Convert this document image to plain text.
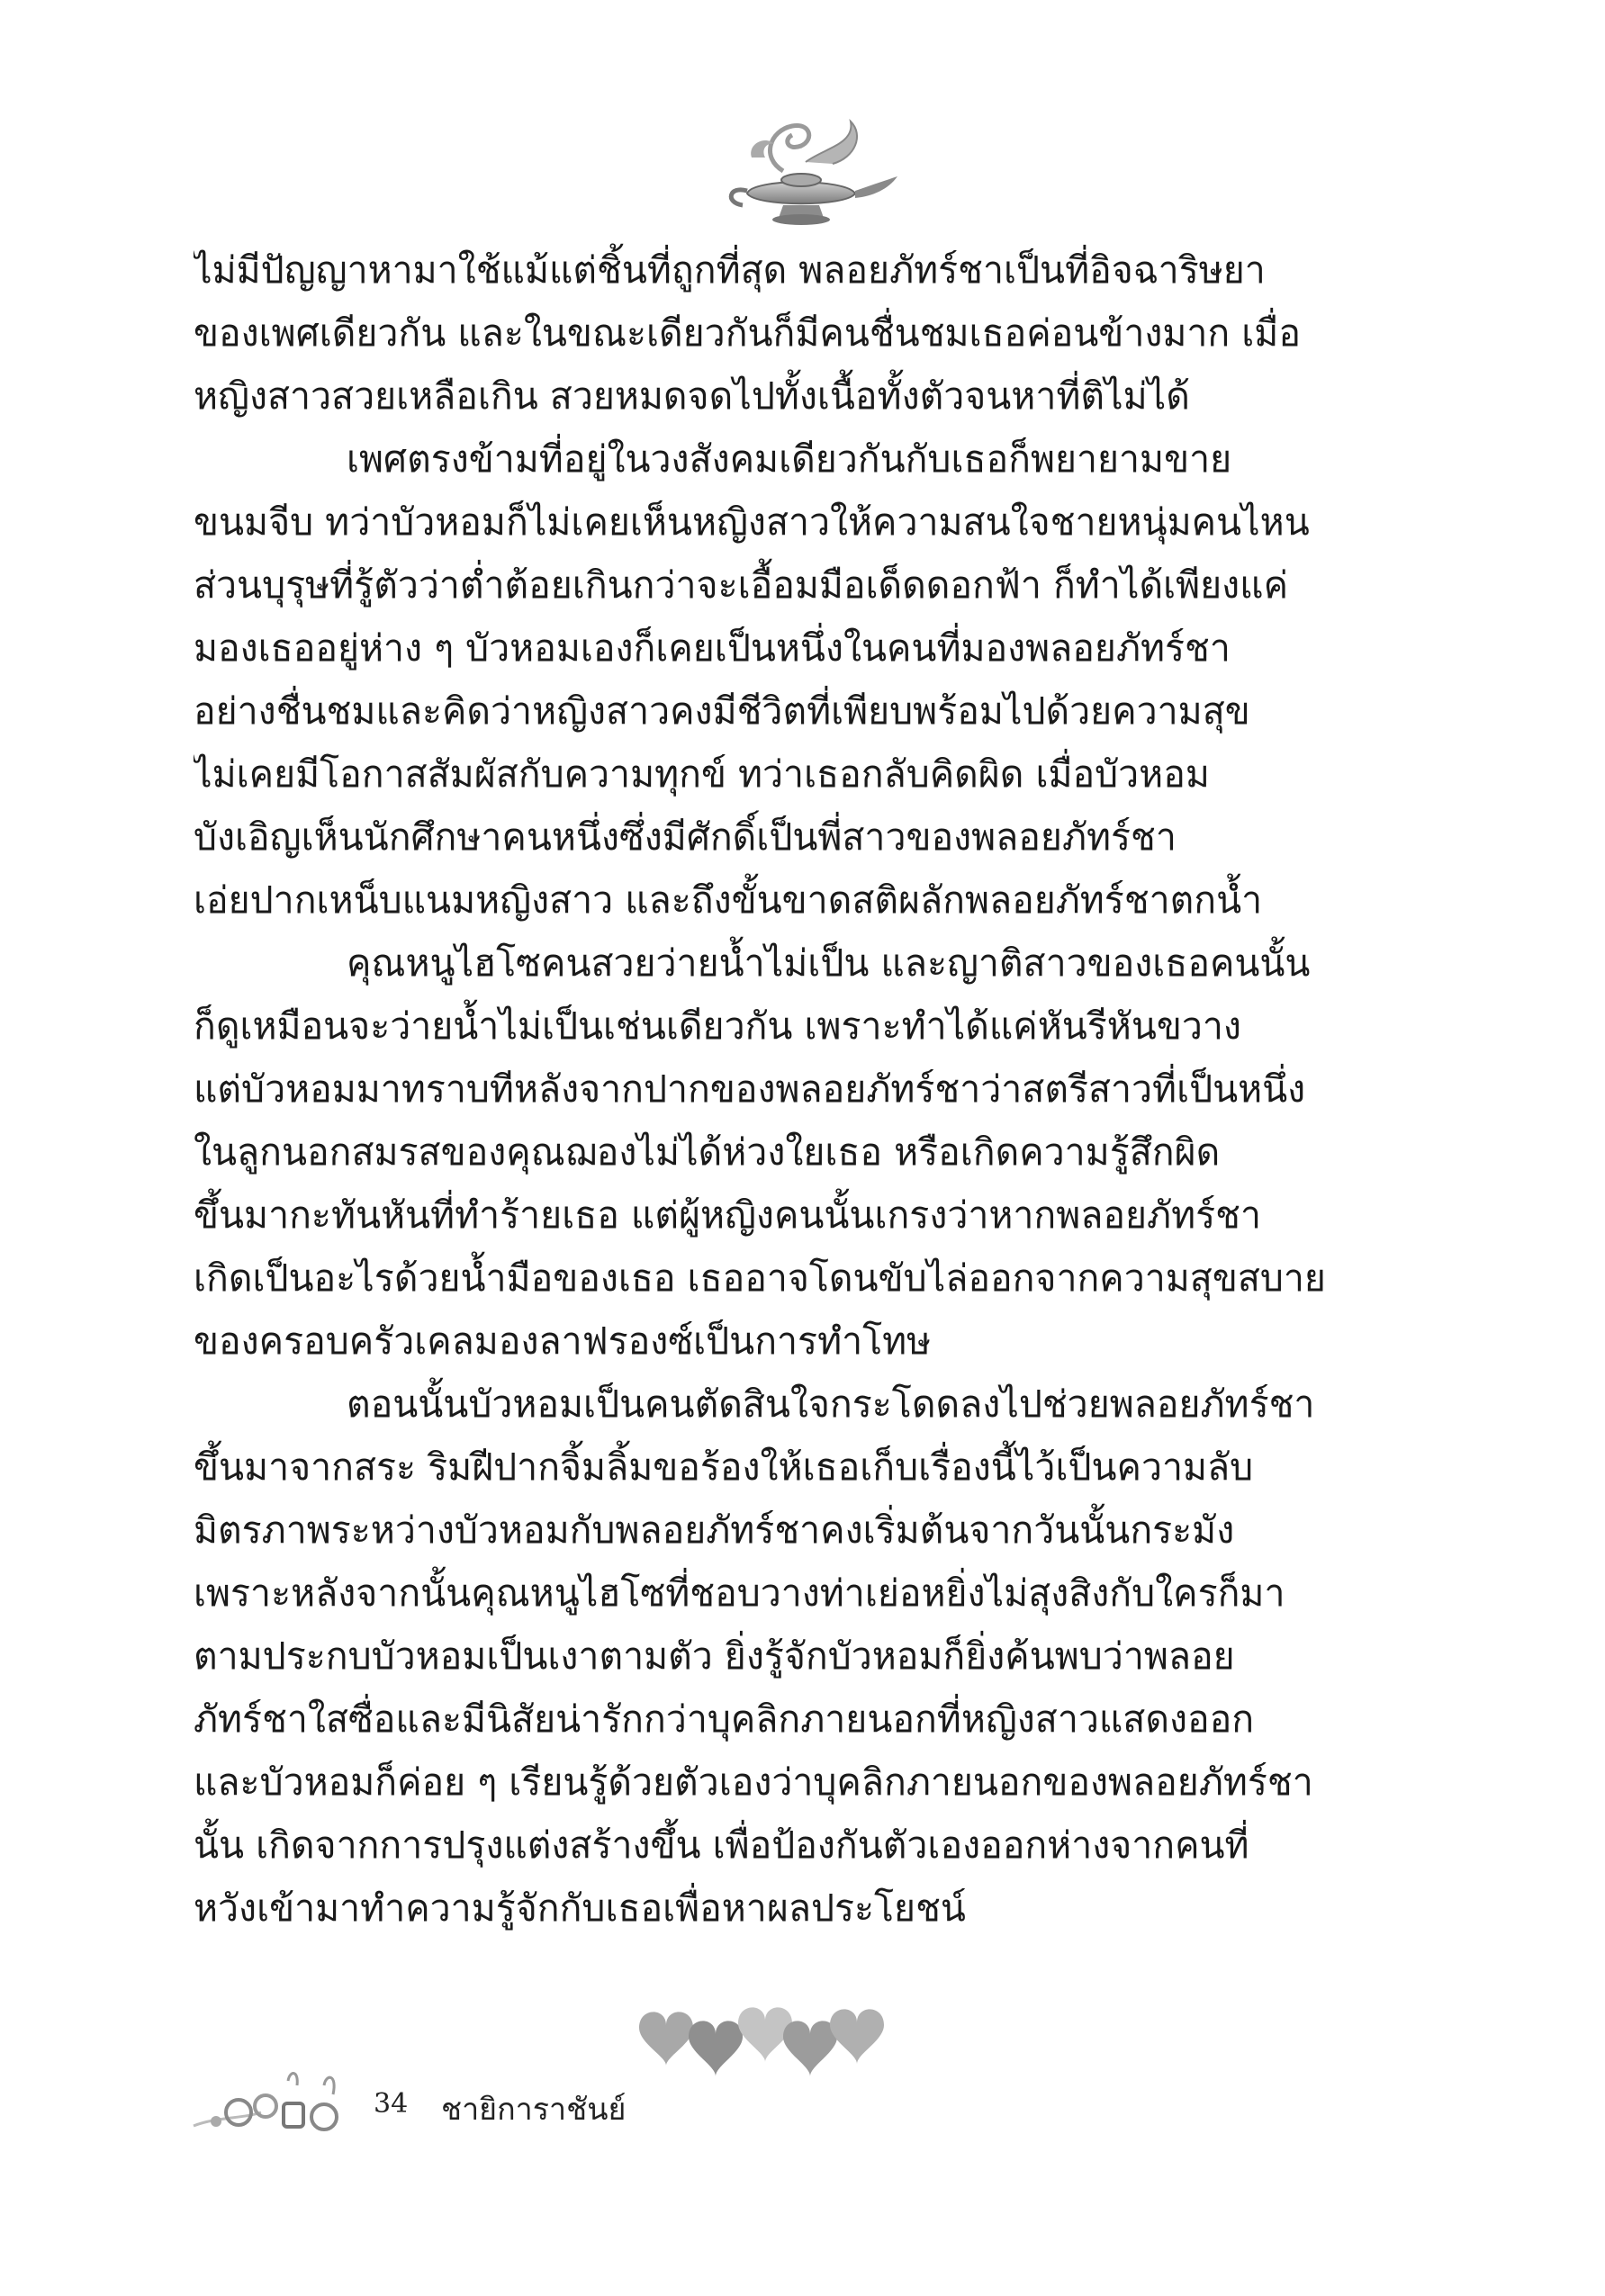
ไม่มีปัญญาหามาใช้แม้แต่ชิ้นที่ถูกที่สุด พลอยภัทร์ชาเป็นที่อิจฉาริษยา
ของเพศเดียวกัน และในขณะเดียวกันก็มีคนชื่นชมเธอค่อนข้างมาก เมื่อ
หญิงสาวสวยเหลือเกิน สวยหมดจดไปทั้งเนื้อทั้งตัวจนหาที่ติไม่ได้
เพศตรงข้ามที่อยู่ในวงสังคมเดียวกันกับเธอก็พยายามขาย
ขนมจีบ ทว่าบัวหอมก็ไม่เคยเห็นหญิงสาวให้ความสนใจชายหนุ่มคนไหน
ส่วนบุรุษที่รู้ตัวว่าต่ำต้อยเกินกว่าจะเอื้อมมือเด็ดดอกฟ้า ก็ทำได้เพียงแค่
มองเธออยู่ห่าง ๆ บัวหอมเองก็เคยเป็นหนึ่งในคนที่มองพลอยภัทร์ชา
อย่างชื่นชมและคิดว่าหญิงสาวคงมีชีวิตที่เพียบพร้อมไปด้วยความสุข
ไม่เคยมีโอกาสสัมผัสกับความทุกข์ ทว่าเธอกลับคิดผิด เมื่อบัวหอม
บังเอิญเห็นนักศึกษาคนหนึ่งซึ่งมีศักดิ์เป็นพี่สาวของพลอยภัทร์ชา
เอ่ยปากเหน็บแนมหญิงสาว และถึงขั้นขาดสติผลักพลอยภัทร์ชาตกน้ำ
คุณหนูไฮโซคนสวยว่ายน้ำไม่เป็น และญาติสาวของเธอคนนั้น
ก็ดูเหมือนจะว่ายน้ำไม่เป็นเช่นเดียวกัน เพราะทำได้แค่หันรีหันขวาง
แต่บัวหอมมาทราบทีหลังจากปากของพลอยภัทร์ชาว่าสตรีสาวที่เป็นหนึ่ง
ในลูกนอกสมรสของคุณฌองไม่ได้ห่วงใยเธอ หรือเกิดความรู้สึกผิด
ขึ้นมากะทันหันที่ทำร้ายเธอ แต่ผู้หญิงคนนั้นเกรงว่าหากพลอยภัทร์ชา
เกิดเป็นอะไรด้วยน้ำมือของเธอ เธออาจโดนขับไล่ออกจากความสุขสบาย
ของครอบครัวเคลมองลาฟรองซ์เป็นการทำโทษ
ตอนนั้นบัวหอมเป็นคนตัดสินใจกระโดดลงไปช่วยพลอยภัทร์ชา
ขึ้นมาจากสระ ริมฝีปากจิ้มลิ้มขอร้องให้เธอเก็บเรื่องนี้ไว้เป็นความลับ
มิตรภาพระหว่างบัวหอมกับพลอยภัทร์ชาคงเริ่มต้นจากวันนั้นกระมัง
เพราะหลังจากนั้นคุณหนูไฮโซที่ชอบวางท่าเย่อหยิ่งไม่สุงสิงกับใครก็มา
ตามประกบบัวหอมเป็นเงาตามตัว ยิ่งรู้จักบัวหอมก็ยิ่งค้นพบว่าพลอย
ภัทร์ชาใสซื่อและมีนิสัยน่ารักกว่าบุคลิกภายนอกที่หญิงสาวแสดงออก
และบัวหอมก็ค่อย ๆ เรียนรู้ด้วยตัวเองว่าบุคลิกภายนอกของพลอยภัทร์ชา
นั้น เกิดจากการปรุงแต่งสร้างขึ้น เพื่อป้องกันตัวเองออกห่างจากคนที่
หวังเข้ามาทำความรู้จักกับเธอเพื่อหาผลประโยชน์
34 ชายิการาชันย์
